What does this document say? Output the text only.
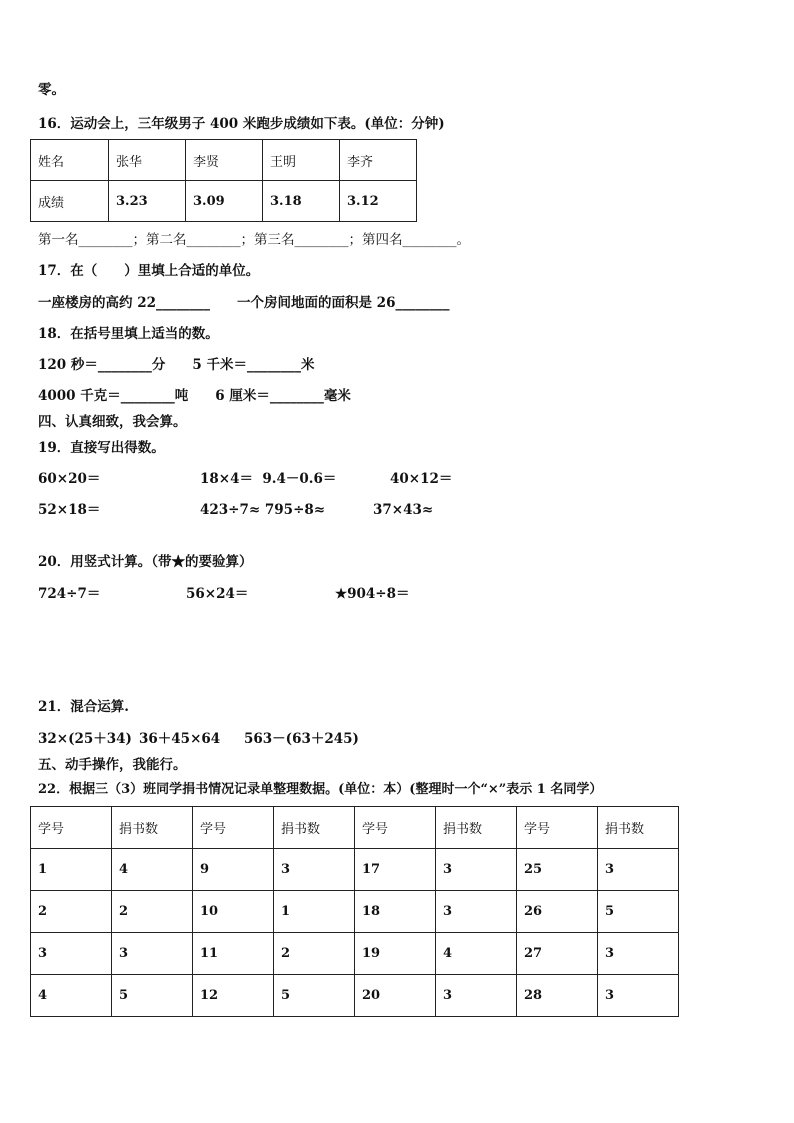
零。
16．运动会上，三年级男子 400 米跑步成绩如下表。(单位：分钟)
姓名	张华	李贤	王明	李齐
成绩	3.23	3.09	3.18	3.12
第一名________；第二名________；第三名________；第四名________。
17．在（　　）里填上合适的单位。
一座楼房的高约 22________　　一个房间地面的面积是 26________
18．在括号里填上适当的数。
120 秒＝________分　　5 千米＝________米
4000 千克＝________吨　　6 厘米＝________毫米
四、认真细致，我会算。
19．直接写出得数。
60×20＝	18×4＝  9.4－0.6＝	40×12＝
52×18＝	423÷7≈ 795÷8≈	37×43≈
20．用竖式计算。（带★的要验算）
724÷7＝	56×24＝	★904÷8＝
21．混合运算.
32×(25＋34) 36＋45×64 563－(63＋245)
五、动手操作，我能行。
22．根据三（3）班同学捐书情况记录单整理数据。(单位：本）(整理时一个“×”表示 1 名同学）
学号	捐书数	学号	捐书数	学号	捐书数	学号	捐书数
1	4	9	3	17	3	25	3
2	2	10	1	18	3	26	5
3	3	11	2	19	4	27	3
4	5	12	5	20	3	28	3
